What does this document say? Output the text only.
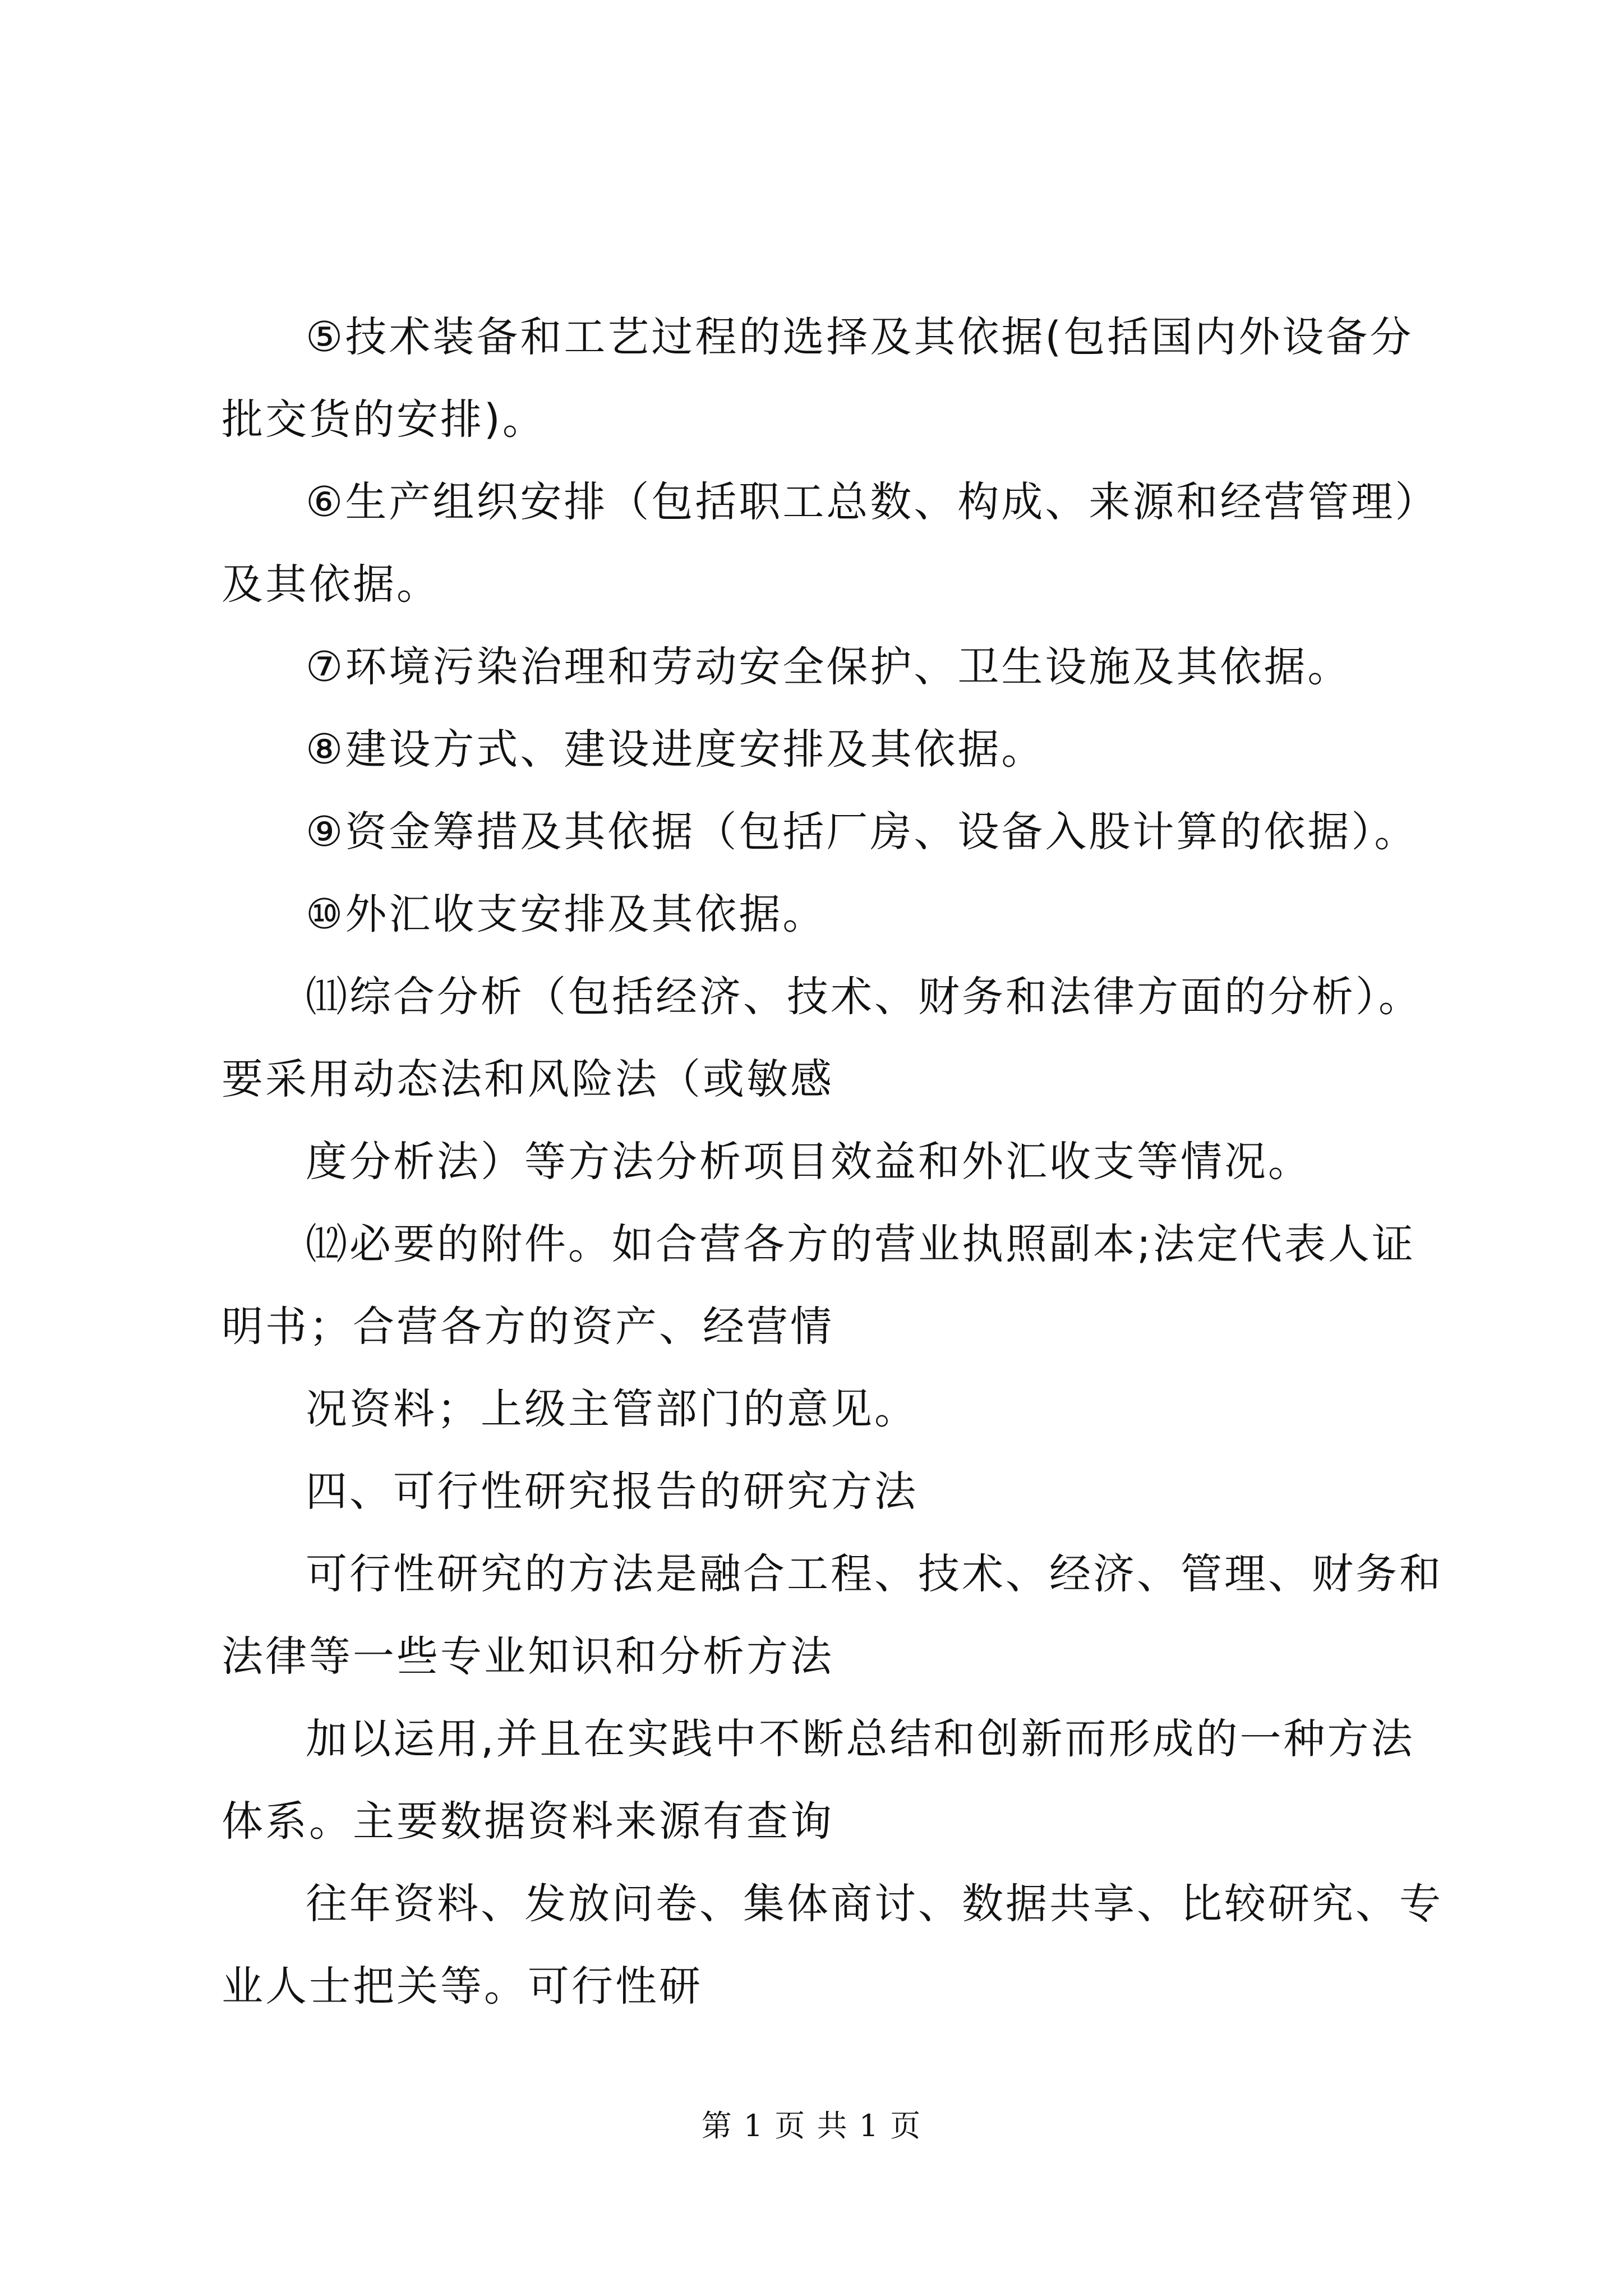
⑤技术装备和工艺过程的选择及其依据(包括国内外设备分

批交货的安排)。

⑥生产组织安排（包括职工总数、构成、来源和经营管理）

及其依据。

⑦环境污染治理和劳动安全保护、卫生设施及其依据。

⑧建设方式、建设进度安排及其依据。

⑨资金筹措及其依据（包括厂房、设备入股计算的依据）。

⑩外汇收支安排及其依据。

⑾综合分析（包括经济、技术、财务和法律方面的分析）。

要采用动态法和风险法（或敏感

度分析法）等方法分析项目效益和外汇收支等情况。

⑿必要的附件。如合营各方的营业执照副本;法定代表人证

明书；合营各方的资产、经营情

况资料；上级主管部门的意见。

四、可行性研究报告的研究方法

可行性研究的方法是融合工程、技术、经济、管理、财务和

法律等一些专业知识和分析方法

加以运用,并且在实践中不断总结和创新而形成的一种方法

体系。主要数据资料来源有查询

往年资料、发放问卷、集体商讨、数据共享、比较研究、专

业人士把关等。可行性研

第 1 页 共 1 页
